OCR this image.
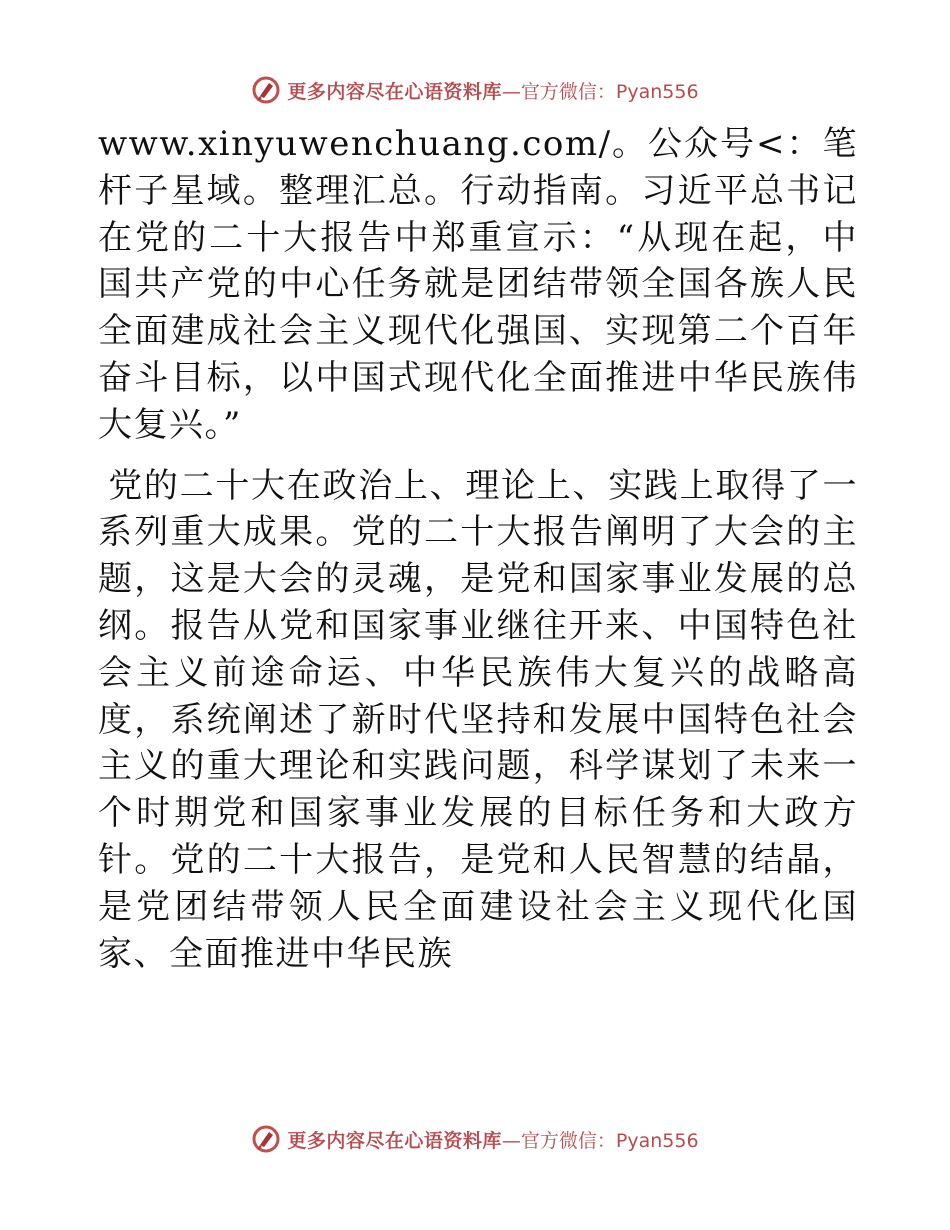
更多内容尽在心语资料库 —官方微信：Pyan556

www.xinyuwenchuang.com/。公众号<：笔杆子星域。整理汇总。行动指南。习近平总书记在党的二十大报告中郑重宣示：“从现在起，中国共产党的中心任务就是团结带领全国各族人民全面建成社会主义现代化强国、实现第二个百年奋斗目标，以中国式现代化全面推进中华民族伟大复兴。”

党的二十大在政治上、理论上、实践上取得了一系列重大成果。党的二十大报告阐明了大会的主题，这是大会的灵魂，是党和国家事业发展的总纲。报告从党和国家事业继往开来、中国特色社会主义前途命运、中华民族伟大复兴的战略高度，系统阐述了新时代坚持和发展中国特色社会主义的重大理论和实践问题，科学谋划了未来一个时期党和国家事业发展的目标任务和大政方针。党的二十大报告，是党和人民智慧的结晶，是党团结带领人民全面建设社会主义现代化国家、全面推进中华民族

更多内容尽在心语资料库 —官方微信：Pyan556
